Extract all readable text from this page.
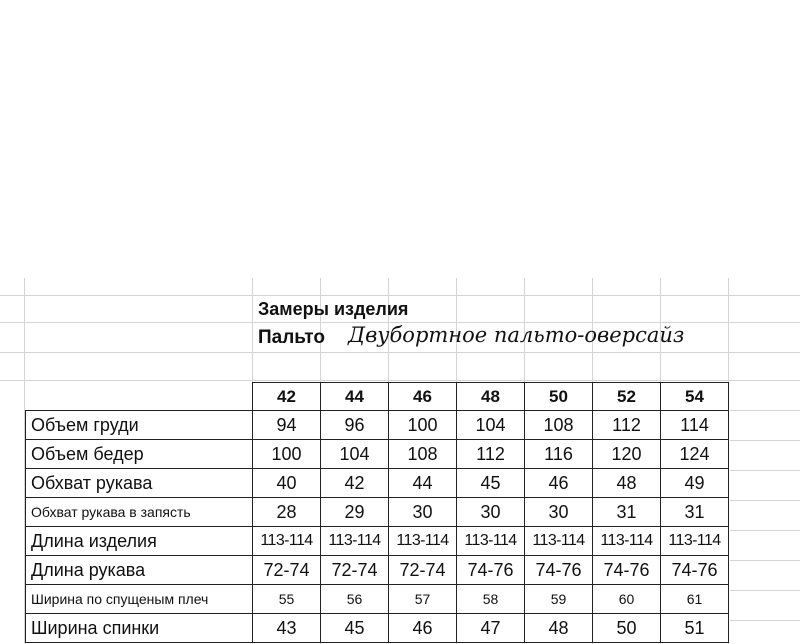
Замеры изделия
Пальто Двубортное пальто-оверсайз
	42	44	46	48	50	52	54
Объем груди	94	96	100	104	108	112	114
Объем бедер	100	104	108	112	116	120	124
Обхват рукава	40	42	44	45	46	48	49
Обхват рукава в запясть	28	29	30	30	30	31	31
Длина изделия	113-114	113-114	113-114	113-114	113-114	113-114	113-114
Длина рукава	72-74	72-74	72-74	74-76	74-76	74-76	74-76
Ширина по спущеным плеч	55	56	57	58	59	60	61
Ширина спинки	43	45	46	47	48	50	51
